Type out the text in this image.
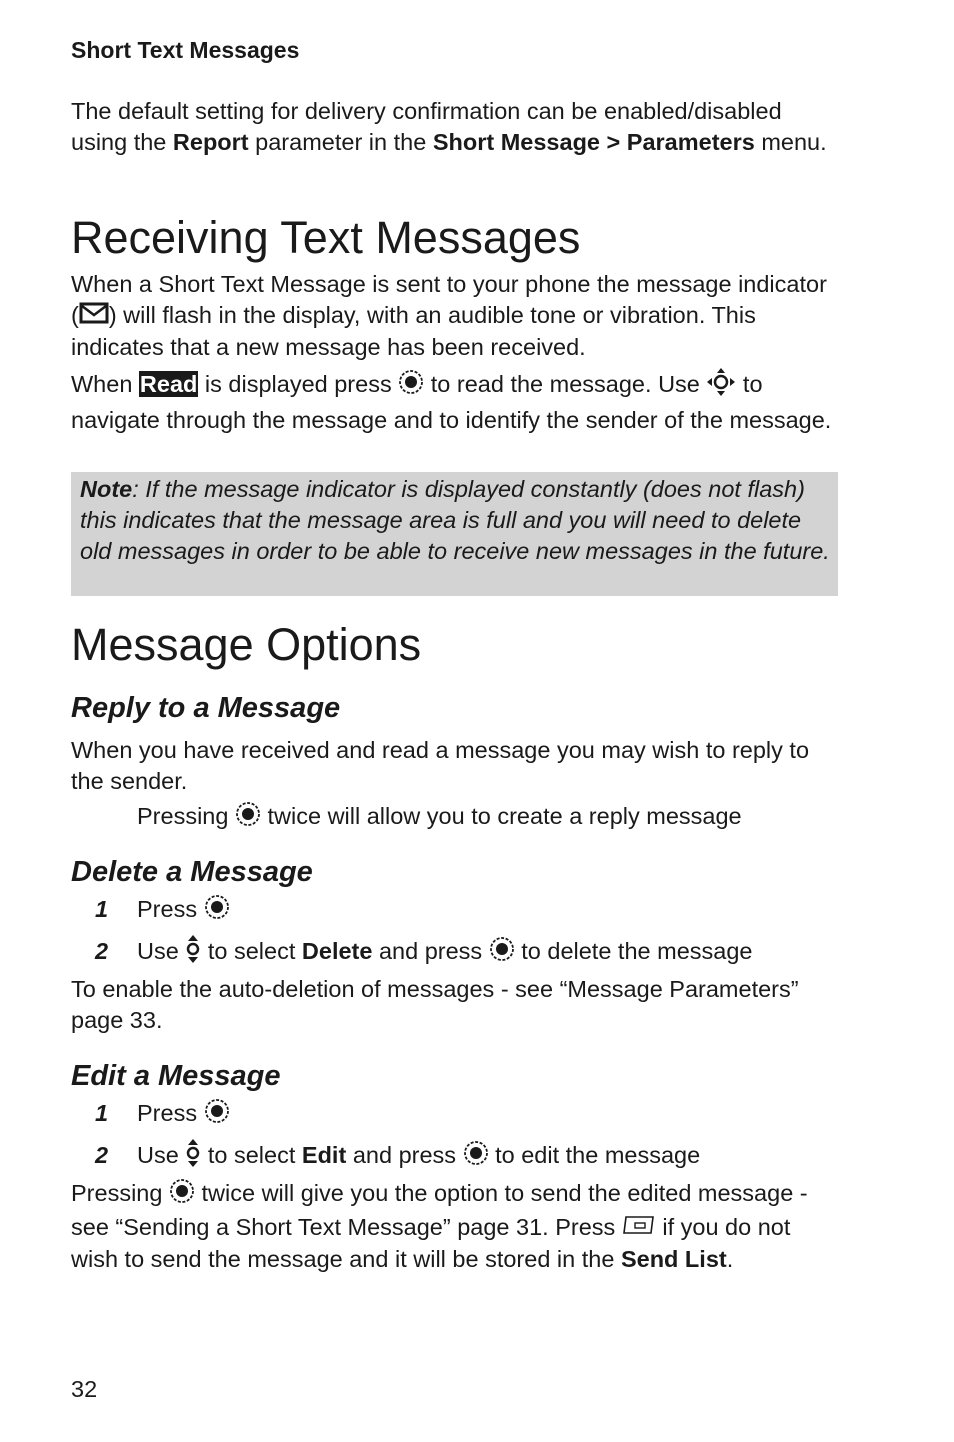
Short Text Messages

The default setting for delivery confirmation can be enabled/disabled using the Report parameter in the Short Message > Parameters menu.

Receiving Text Messages

When a Short Text Message is sent to your phone the message indicator ( ) will flash in the display, with an audible tone or vibration. This indicates that a new message has been received.

When Read is displayed press  to read the message. Use  to navigate through the message and to identify the sender of the message.

Note: If the message indicator is displayed constantly (does not flash) this indicates that the message area is full and you will need to delete old messages in order to be able to receive new messages in the future.
Message Options
Reply to a Message

When you have received and read a message you may wish to reply to the sender.

Pressing  twice will allow you to create a reply message
Delete a Message
1 Press
2 Use  to select Delete and press  to delete the message

To enable the auto-deletion of messages - see “Message Parameters” page 33.

Edit a Message
1 Press
2 Use  to select Edit and press  to edit the message

Pressing  twice will give you the option to send the edited message - see “Sending a Short Text Message” page 31. Press  if you do not wish to send the message and it will be stored in the Send List.

32
